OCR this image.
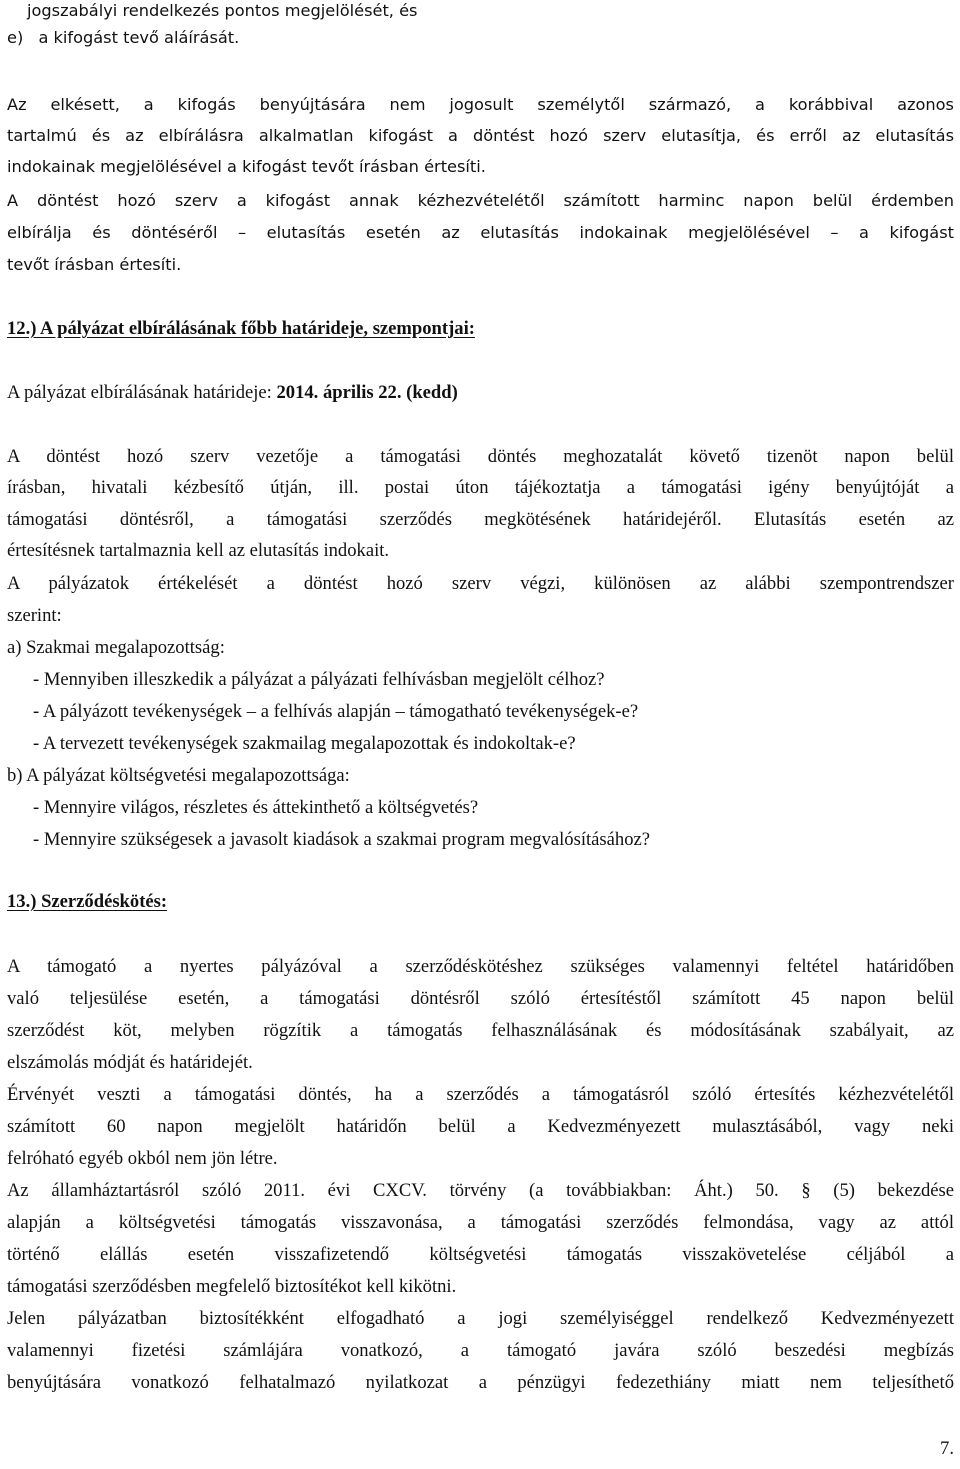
jogszabályi rendelkezés pontos megjelölését, és
e) a kifogást tevő aláírását.
Az elkésett, a kifogás benyújtására nem jogosult személytől származó, a korábbival azonos
tartalmú és az elbírálásra alkalmatlan kifogást a döntést hozó szerv elutasítja, és erről az elutasítás
indokainak megjelölésével a kifogást tevőt írásban értesíti.
A döntést hozó szerv a kifogást annak kézhezvételétől számított harminc napon belül érdemben
elbírálja és döntéséről – elutasítás esetén az elutasítás indokainak megjelölésével – a kifogást
tevőt írásban értesíti.
12.) A pályázat elbírálásának főbb határideje, szempontjai:
A pályázat elbírálásának határideje: 2014. április 22. (kedd)
A döntést hozó szerv vezetője a támogatási döntés meghozatalát követő tizenöt napon belül
írásban, hivatali kézbesítő útján, ill. postai úton tájékoztatja a támogatási igény benyújtóját a
támogatási döntésről, a támogatási szerződés megkötésének határidejéről. Elutasítás esetén az
értesítésnek tartalmaznia kell az elutasítás indokait.
A pályázatok értékelését a döntést hozó szerv végzi, különösen az alábbi szempontrendszer
szerint:
a) Szakmai megalapozottság:
- Mennyiben illeszkedik a pályázat a pályázati felhívásban megjelölt célhoz?
- A pályázott tevékenységek – a felhívás alapján – támogatható tevékenységek-e?
- A tervezett tevékenységek szakmailag megalapozottak és indokoltak-e?
b) A pályázat költségvetési megalapozottsága:
- Mennyire világos, részletes és áttekinthető a költségvetés?
- Mennyire szükségesek a javasolt kiadások a szakmai program megvalósításához?
13.) Szerződéskötés:
A támogató a nyertes pályázóval a szerződéskötéshez szükséges valamennyi feltétel határidőben
való teljesülése esetén, a támogatási döntésről szóló értesítéstől számított 45 napon belül
szerződést köt, melyben rögzítik a támogatás felhasználásának és módosításának szabályait, az
elszámolás módját és határidejét.
Érvényét veszti a támogatási döntés, ha a szerződés a támogatásról szóló értesítés kézhezvételétől
számított 60 napon megjelölt határidőn belül a Kedvezményezett mulasztásából, vagy neki
felróható egyéb okból nem jön létre.
Az államháztartásról szóló 2011. évi CXCV. törvény (a továbbiakban: Áht.) 50. § (5) bekezdése
alapján a költségvetési támogatás visszavonása, a támogatási szerződés felmondása, vagy az attól
történő elállás esetén visszafizetendő költségvetési támogatás visszakövetelése céljából a
támogatási szerződésben megfelelő biztosítékot kell kikötni.
Jelen pályázatban biztosítékként elfogadható a jogi személyiséggel rendelkező Kedvezményezett
valamennyi fizetési számlájára vonatkozó, a támogató javára szóló beszedési megbízás
benyújtására vonatkozó felhatalmazó nyilatkozat a pénzügyi fedezethiány miatt nem teljesíthető
7.
